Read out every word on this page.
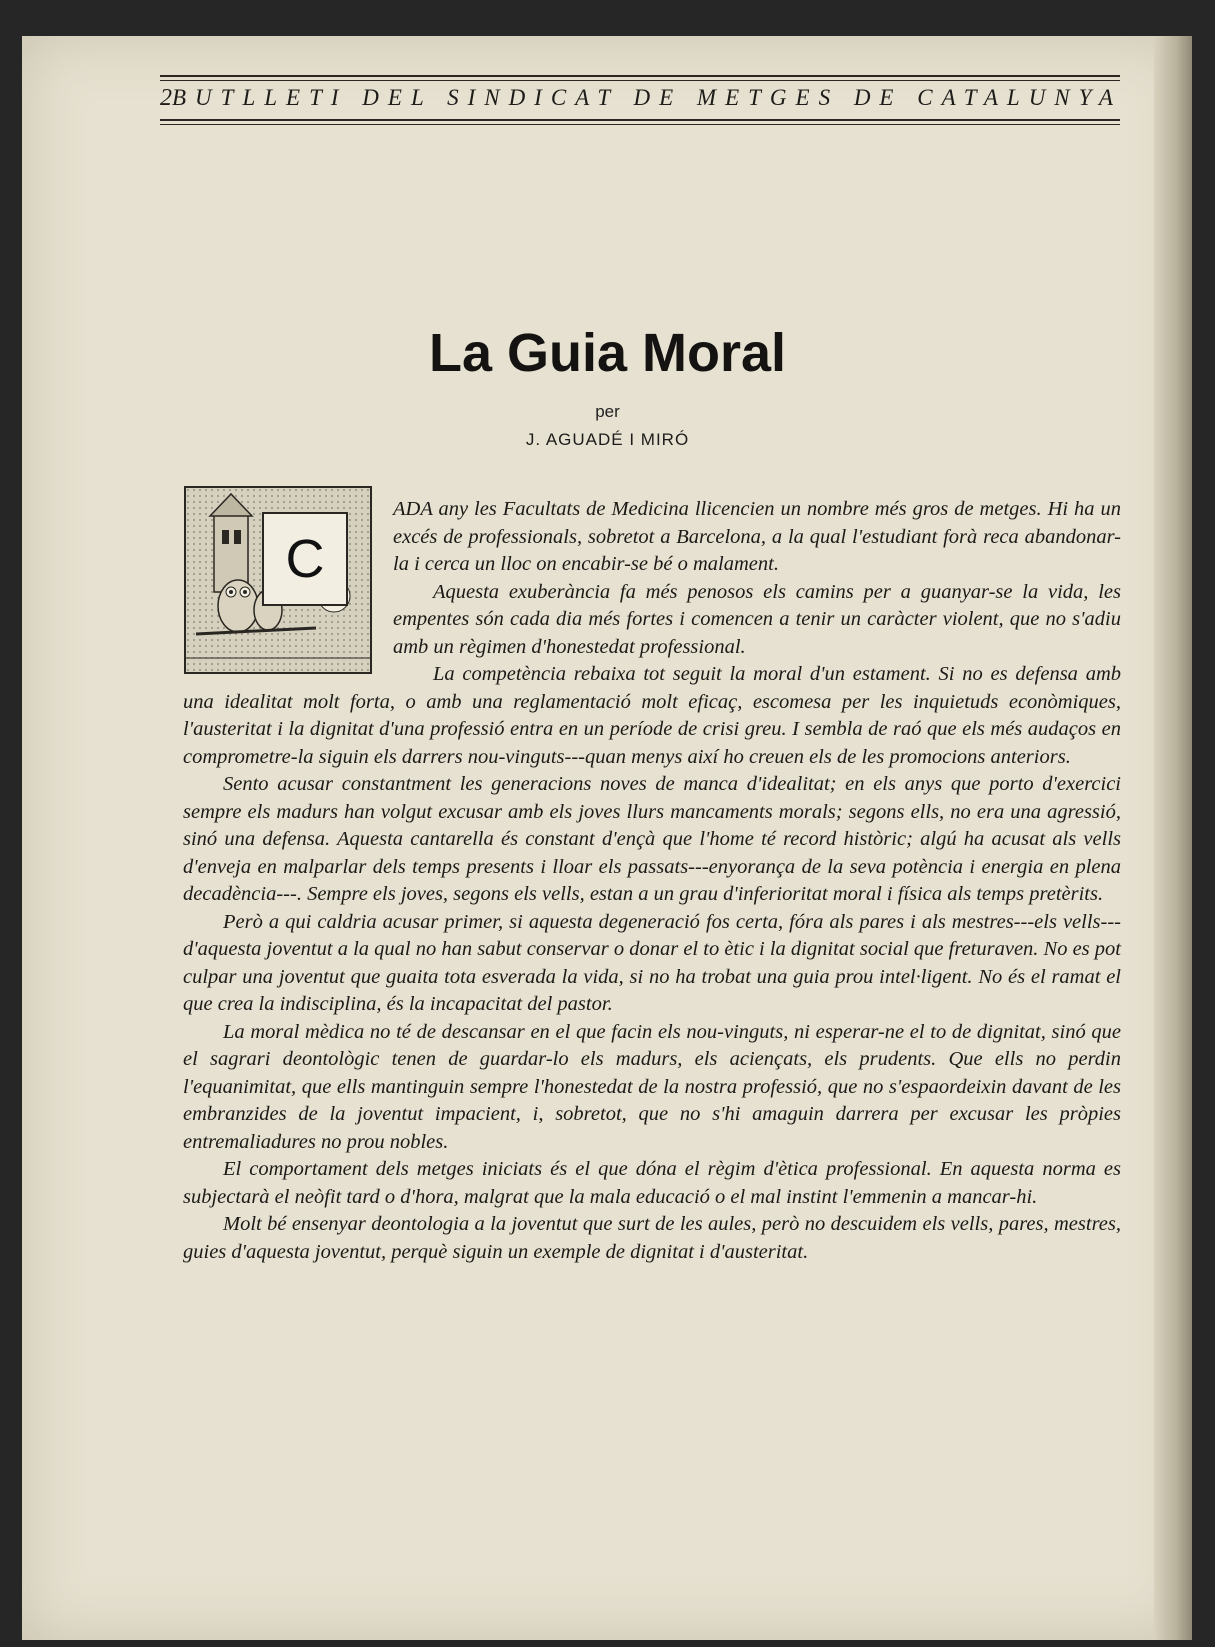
2 BUTLLETI DEL SINDICAT DE METGES DE CATALUNYA
La Guia Moral
per
J. AGUADÉ I MIRÓ
C

ADA any les Facultats de Medicina llicencien un nombre més gros de metges. Hi ha un excés de professionals, sobretot a Barcelona, a la qual l'estudiant forà reca abandonar-la i cerca un lloc on encabir-se bé o malament.

Aquesta exuberància fa més penosos els camins per a guanyar-se la vida, les empentes són cada dia més fortes i comencen a tenir un caràcter violent, que no s'adiu amb un règimen d'honestedat professional.

La competència rebaixa tot seguit la moral d'un estament. Si no es defensa amb una idealitat molt forta, o amb una reglamentació molt eficaç, escomesa per les inquietuds econòmiques, l'austeritat i la dignitat d'una professió entra en un període de crisi greu. I sembla de raó que els més audaços en comprometre-la siguin els darrers nou-vinguts---quan menys així ho creuen els de les promocions anteriors.

Sento acusar constantment les generacions noves de manca d'idealitat; en els anys que porto d'exercici sempre els madurs han volgut excusar amb els joves llurs mancaments morals; segons ells, no era una agressió, sinó una defensa. Aquesta cantarella és constant d'ençà que l'home té record històric; algú ha acusat als vells d'enveja en malparlar dels temps presents i lloar els passats---enyorança de la seva potència i energia en plena decadència---. Sempre els joves, segons els vells, estan a un grau d'inferioritat moral i física als temps pretèrits.

Però a qui caldria acusar primer, si aquesta degeneració fos certa, fóra als pares i als mestres---els vells---d'aquesta joventut a la qual no han sabut conservar o donar el to ètic i la dignitat social que freturaven. No es pot culpar una joventut que guaita tota esverada la vida, si no ha trobat una guia prou intel·ligent. No és el ramat el que crea la indisciplina, és la incapacitat del pastor.

La moral mèdica no té de descansar en el que facin els nou-vinguts, ni esperar-ne el to de dignitat, sinó que el sagrari deontològic tenen de guardar-lo els madurs, els aciençats, els prudents. Que ells no perdin l'equanimitat, que ells mantinguin sempre l'honestedat de la nostra professió, que no s'espaordeixin davant de les embranzides de la joventut impacient, i, sobretot, que no s'hi amaguin darrera per excusar les pròpies entremaliadures no prou nobles.

El comportament dels metges iniciats és el que dóna el règim d'ètica professional. En aquesta norma es subjectarà el neòfit tard o d'hora, malgrat que la mala educació o el mal instint l'emmenin a mancar-hi.

Molt bé ensenyar deontologia a la joventut que surt de les aules, però no descuidem els vells, pares, mestres, guies d'aquesta joventut, perquè siguin un exemple de dignitat i d'austeritat.
